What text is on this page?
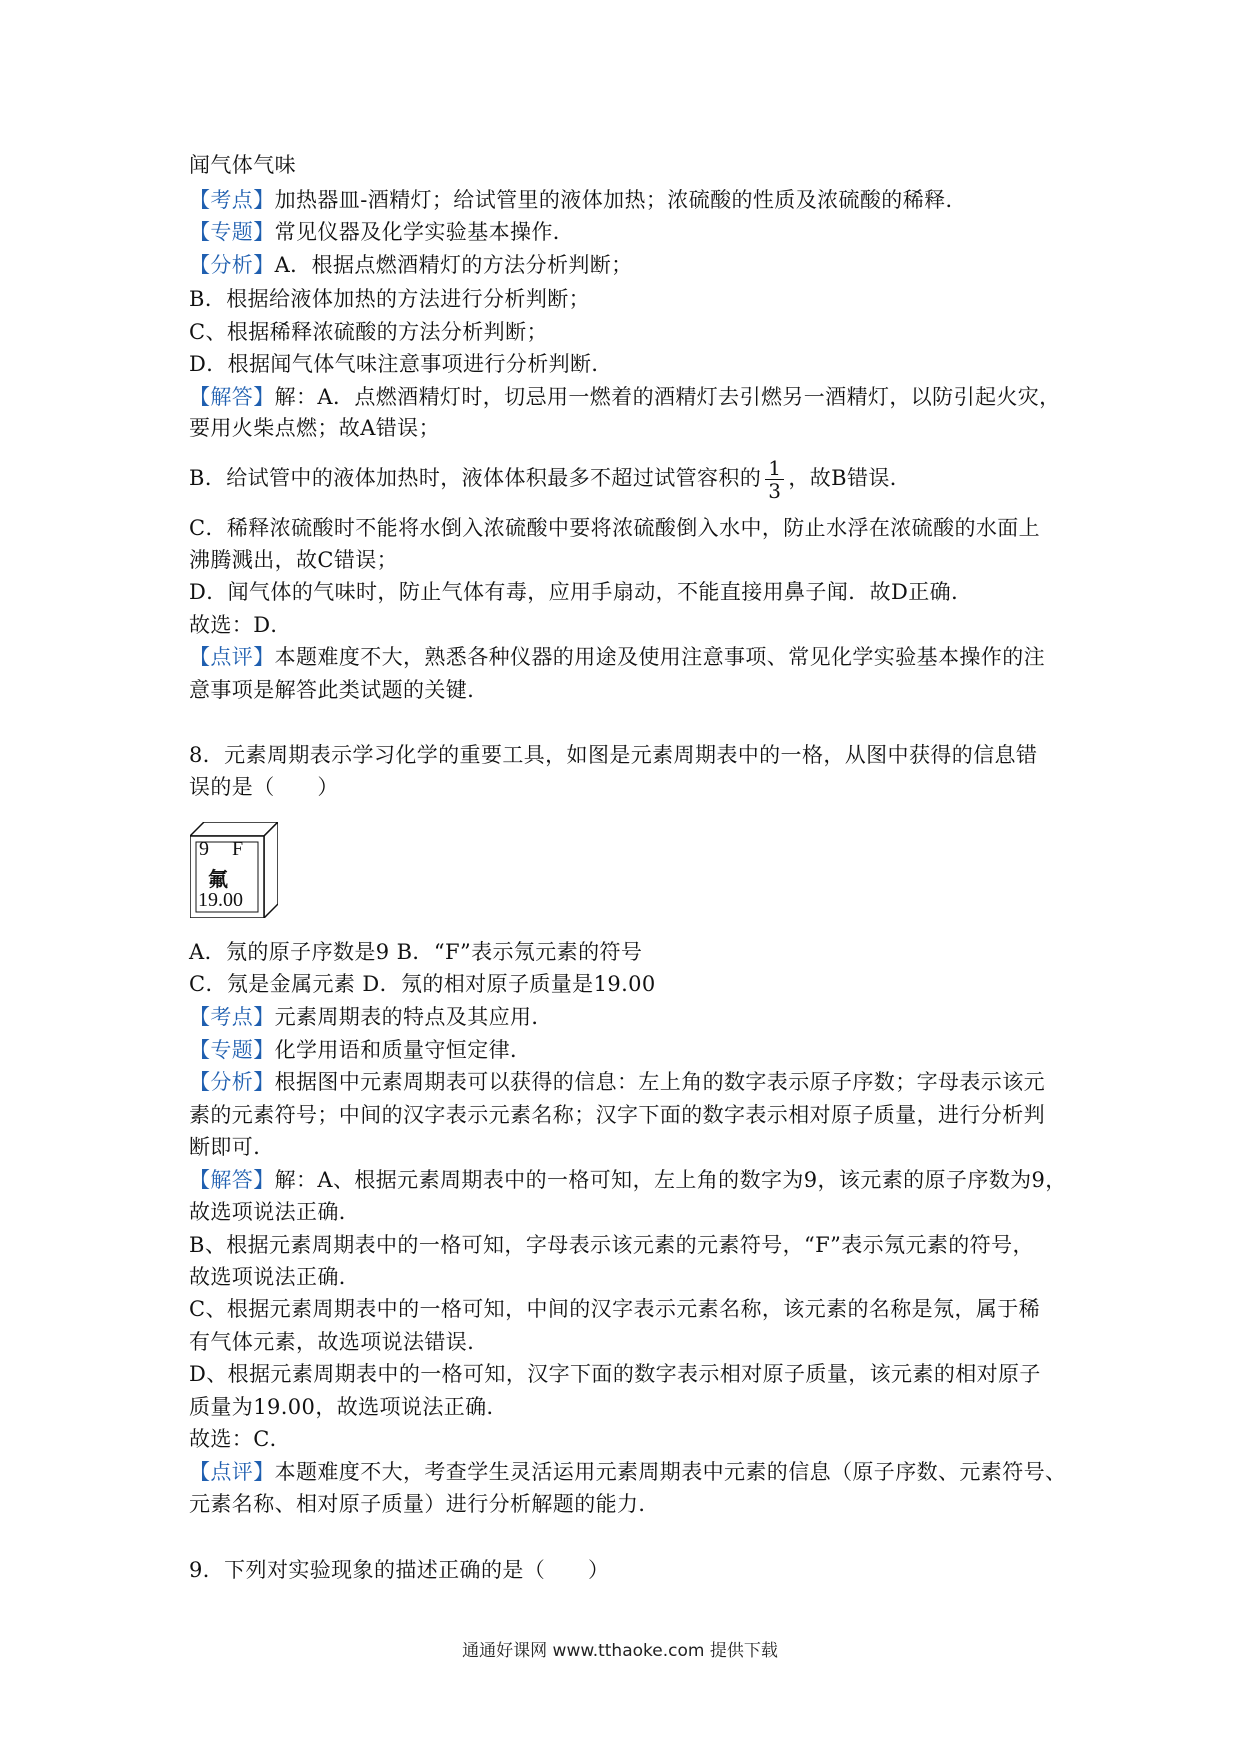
闻气体气味
【考点】加热器皿-酒精灯；给试管里的液体加热；浓硫酸的性质及浓硫酸的稀释．
【专题】常见仪器及化学实验基本操作．
【分析】A．根据点燃酒精灯的方法分析判断；
B．根据给液体加热的方法进行分析判断；
C、根据稀释浓硫酸的方法分析判断；
D．根据闻气体气味注意事项进行分析判断．
【解答】解：A．点燃酒精灯时，切忌用一燃着的酒精灯去引燃另一酒精灯，以防引起火灾，
要用火柴点燃；故A错误；
B．给试管中的液体加热时，液体体积最多不超过试管容积的 $\frac{1}{3}$ ，故B错误．
C．稀释浓硫酸时不能将水倒入浓硫酸中要将浓硫酸倒入水中，防止水浮在浓硫酸的水面上
沸腾溅出，故C错误；
D．闻气体的气味时，防止气体有毒，应用手扇动，不能直接用鼻子闻．故D正确．
故选：D．
【点评】本题难度不大，熟悉各种仪器的用途及使用注意事项、常见化学实验基本操作的注
意事项是解答此类试题的关键．
8．元素周期表示学习化学的重要工具，如图是元素周期表中的一格，从图中获得的信息错
误的是（　　）
9 F
氟
19.00
A．氖的原子序数是9 B．“F”表示氖元素的符号
C．氖是金属元素 D．氖的相对原子质量是19.00
【考点】元素周期表的特点及其应用．
【专题】化学用语和质量守恒定律．
【分析】根据图中元素周期表可以获得的信息：左上角的数字表示原子序数；字母表示该元
素的元素符号；中间的汉字表示元素名称；汉字下面的数字表示相对原子质量，进行分析判
断即可．
【解答】解：A、根据元素周期表中的一格可知，左上角的数字为9，该元素的原子序数为9，
故选项说法正确．
B、根据元素周期表中的一格可知，字母表示该元素的元素符号，“F”表示氖元素的符号，
故选项说法正确．
C、根据元素周期表中的一格可知，中间的汉字表示元素名称，该元素的名称是氖，属于稀
有气体元素，故选项说法错误．
D、根据元素周期表中的一格可知，汉字下面的数字表示相对原子质量，该元素的相对原子
质量为19.00，故选项说法正确．
故选：C．
【点评】本题难度不大，考查学生灵活运用元素周期表中元素的信息（原子序数、元素符号、
元素名称、相对原子质量）进行分析解题的能力．
9．下列对实验现象的描述正确的是（　　）
通通好课网 www.tthaoke.com 提供下载
